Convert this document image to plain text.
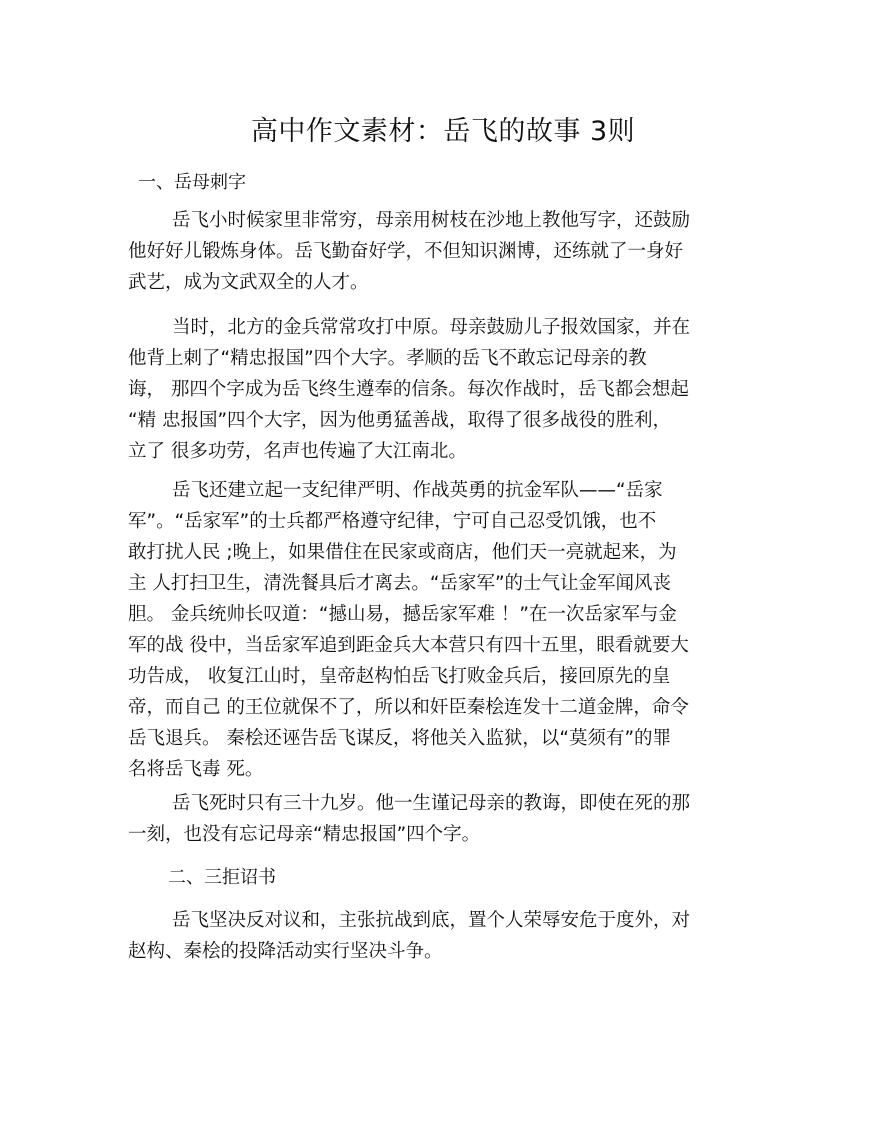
高中作文素材：岳飞的故事 3则
一、岳母刺字

岳飞小时候家里非常穷，母亲用树枝在沙地上教他写字，还鼓励
他好好儿锻炼身体。岳飞勤奋好学，不但知识渊博，还练就了一身好
武艺，成为文武双全的人才。

当时，北方的金兵常常攻打中原。母亲鼓励儿子报效国家，并在
他背上刺了“精忠报国”四个大字。孝顺的岳飞不敢忘记母亲的教
诲， 那四个字成为岳飞终生遵奉的信条。每次作战时，岳飞都会想起
“精 忠报国”四个大字，因为他勇猛善战，取得了很多战役的胜利，
立了 很多功劳，名声也传遍了大江南北。

岳飞还建立起一支纪律严明、作战英勇的抗金军队——“岳家
军”。“岳家军”的士兵都严格遵守纪律，宁可自己忍受饥饿，也不
敢打扰人民 ;晚上，如果借住在民家或商店，他们天一亮就起来，为
主 人打扫卫生，清洗餐具后才离去。“岳家军”的士气让金军闻风丧
胆。 金兵统帅长叹道：“撼山易，撼岳家军难 ！”在一次岳家军与金
军的战 役中，当岳家军追到距金兵大本营只有四十五里，眼看就要大
功告成， 收复江山时，皇帝赵构怕岳飞打败金兵后，接回原先的皇
帝，而自己 的王位就保不了，所以和奸臣秦桧连发十二道金牌，命令
岳飞退兵。 秦桧还诬告岳飞谋反，将他关入监狱，以“莫须有”的罪
名将岳飞毒 死。

岳飞死时只有三十九岁。他一生谨记母亲的教诲，即使在死的那
一刻，也没有忘记母亲“精忠报国”四个字。

二、三拒诏书

岳飞坚决反对议和，主张抗战到底，置个人荣辱安危于度外，对
赵构、秦桧的投降活动实行坚决斗争。
